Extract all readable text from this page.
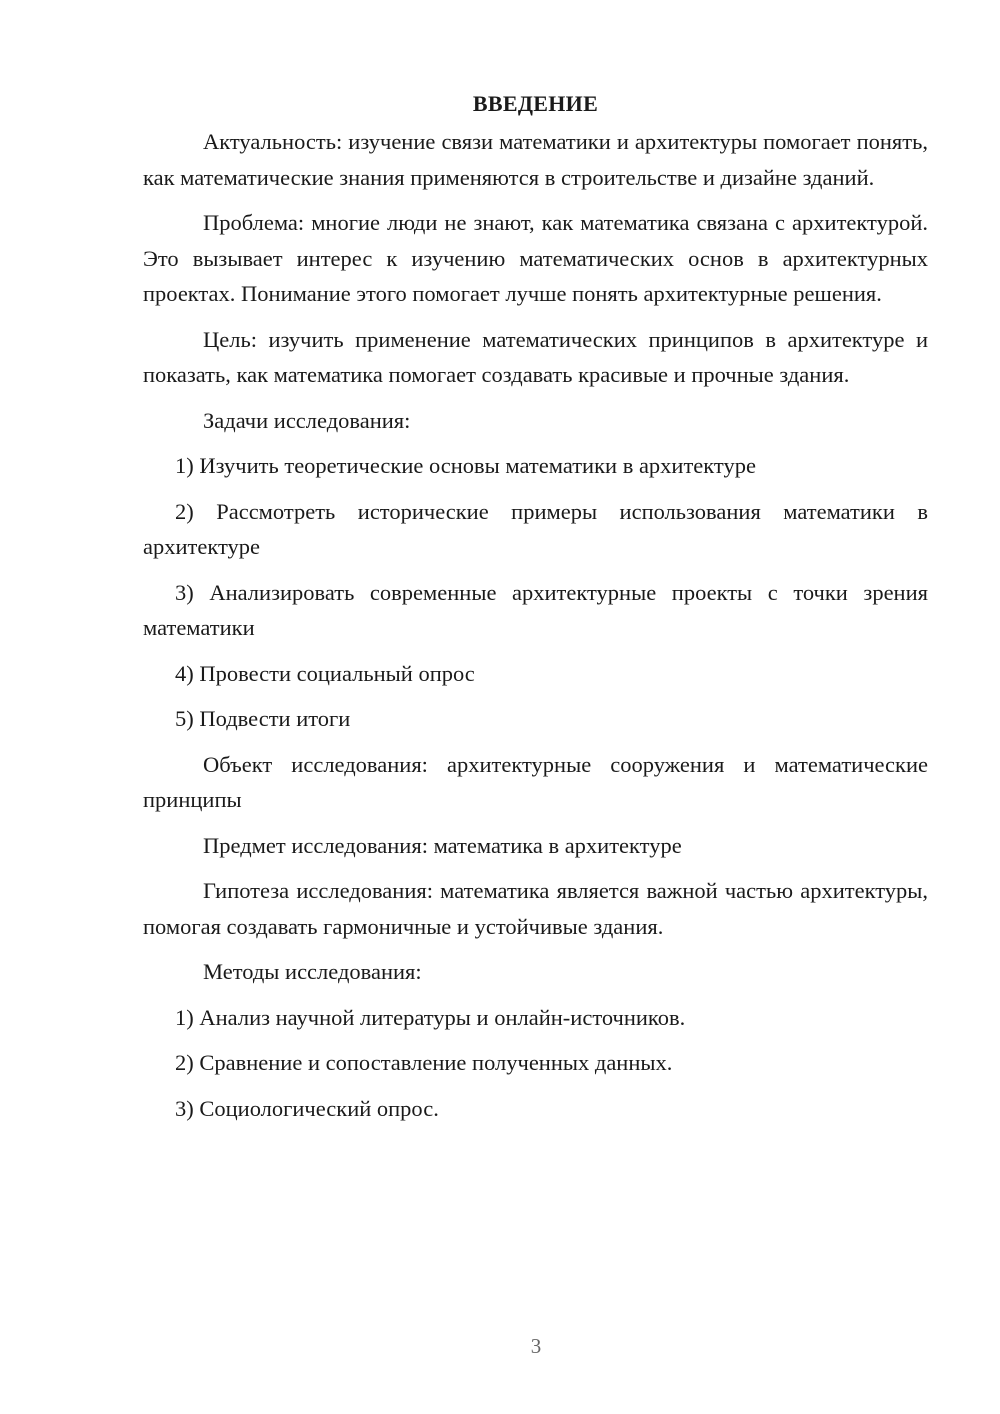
ВВЕДЕНИЕ

Актуальность: изучение связи математики и архитектуры помогает понять, как математические знания применяются в строительстве и дизайне зданий.

Проблема: многие люди не знают, как математика связана с архитектурой. Это вызывает интерес к изучению математических основ в архитектурных проектах. Понимание этого помогает лучше понять архитектурные решения.

Цель: изучить применение математических принципов в архитектуре и показать, как математика помогает создавать красивые и прочные здания.

Задачи исследования:

1) Изучить теоретические основы математики в архитектуре

2) Рассмотреть исторические примеры использования математики в архитектуре

3) Анализировать современные архитектурные проекты с точки зрения математики

4) Провести социальный опрос

5) Подвести итоги

Объект исследования: архитектурные сооружения и математические принципы

Предмет исследования: математика в архитектуре

Гипотеза исследования: математика является важной частью архитектуры, помогая создавать гармоничные и устойчивые здания.

Методы исследования:

1) Анализ научной литературы и онлайн-источников.

2) Сравнение и сопоставление полученных данных.

3) Социологический опрос.

3
